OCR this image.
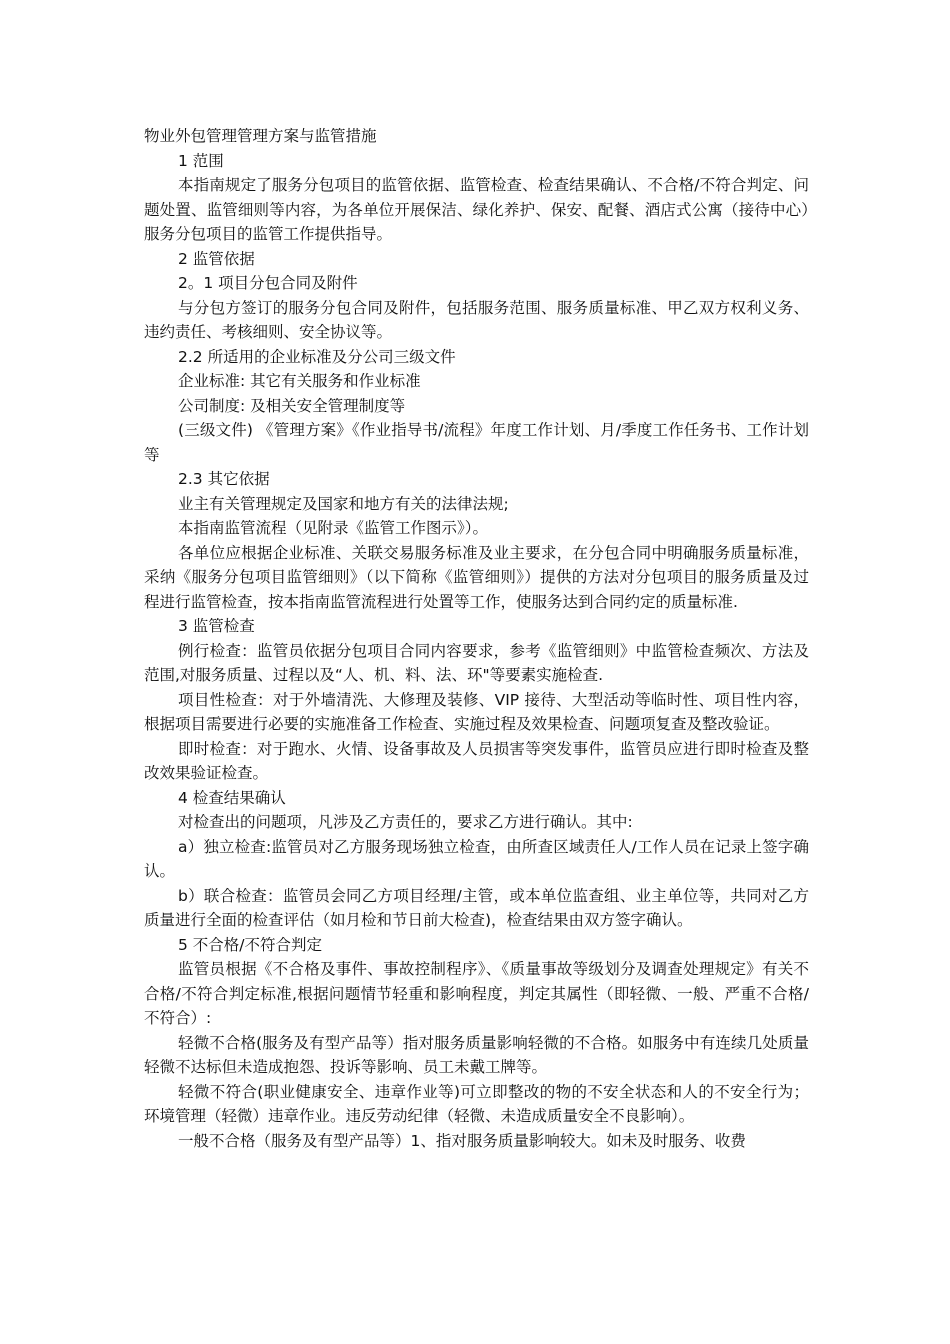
物业外包管理管理方案与监管措施

1 范围

本指南规定了服务分包项目的监管依据、监管检查、检查结果确认、不合格/不符合判定、问题处置、监管细则等内容，为各单位开展保洁、绿化养护、保安、配餐、酒店式公寓（接待中心）服务分包项目的监管工作提供指导。

2 监管依据

2。1 项目分包合同及附件

与分包方签订的服务分包合同及附件，包括服务范围、服务质量标准、甲乙双方权利义务、违约责任、考核细则、安全协议等。

2.2 所适用的企业标准及分公司三级文件

企业标准: 其它有关服务和作业标准

公司制度: 及相关安全管理制度等

(三级文件) 《管理方案》《作业指导书/流程》年度工作计划、月/季度工作任务书、工作计划等

2.3 其它依据

业主有关管理规定及国家和地方有关的法律法规;

本指南监管流程（见附录《监管工作图示》）。

各单位应根据企业标准、关联交易服务标准及业主要求，在分包合同中明确服务质量标准，采纳《服务分包项目监管细则》（以下简称《监管细则》）提供的方法对分包项目的服务质量及过程进行监管检查，按本指南监管流程进行处置等工作，使服务达到合同约定的质量标准.

3 监管检查

例行检查：监管员依据分包项目合同内容要求，参考《监管细则》中监管检查频次、方法及范围,对服务质量、过程以及“人、机、料、法、环"等要素实施检查.

项目性检查：对于外墙清洗、大修理及装修、VIP 接待、大型活动等临时性、项目性内容，根据项目需要进行必要的实施准备工作检查、实施过程及效果检查、问题项复查及整改验证。

即时检查：对于跑水、火情、设备事故及人员损害等突发事件，监管员应进行即时检查及整改效果验证检查。

4 检查结果确认

对检查出的问题项，凡涉及乙方责任的，要求乙方进行确认。其中:

a）独立检查:监管员对乙方服务现场独立检查，由所查区域责任人/工作人员在记录上签字确认。

b）联合检查：监管员会同乙方项目经理/主管，或本单位监查组、业主单位等，共同对乙方质量进行全面的检查评估（如月检和节日前大检查)，检查结果由双方签字确认。

5 不合格/不符合判定

监管员根据《不合格及事件、事故控制程序》、《质量事故等级划分及调查处理规定》有关不合格/不符合判定标准,根据问题情节轻重和影响程度，判定其属性（即轻微、一般、严重不合格/不符合）:

轻微不合格(服务及有型产品等）指对服务质量影响轻微的不合格。如服务中有连续几处质量轻微不达标但未造成抱怨、投诉等影响、员工未戴工牌等。

轻微不符合(职业健康安全、违章作业等)可立即整改的物的不安全状态和人的不安全行为；环境管理（轻微）违章作业。违反劳动纪律（轻微、未造成质量安全不良影响）。

一般不合格（服务及有型产品等）1、指对服务质量影响较大。如未及时服务、收费
